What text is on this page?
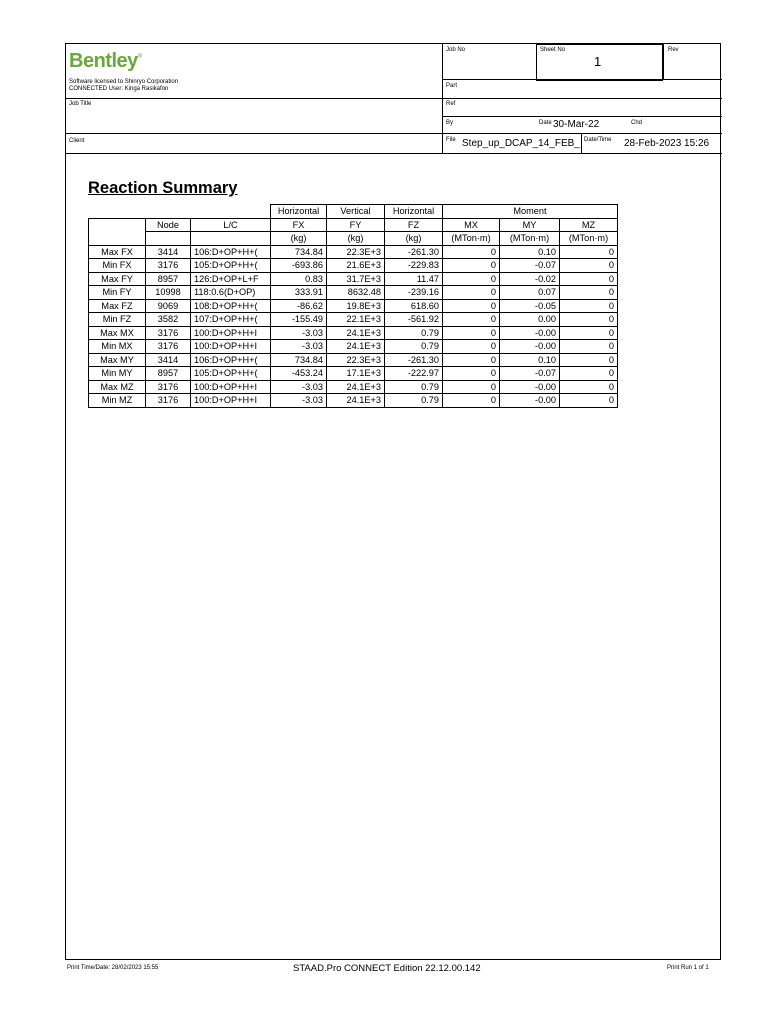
Bentley®
Software licensed to Shinryo Corporation
CONNECTED User: Kinga Rasikafon
Job No	Sheet No
1
Rev
Part
Job Title	Ref
By	Date 30-Mar-22	Chd
Client	File Step_up_DCAP_14_FEB_ Date/Time 28-Feb-2023 15:26
Reaction Summary
			Horizontal	Vertical	Horizontal	Moment		
	Node	L/C	FX	FY	FZ	MX	MY	MZ
			(kg)	(kg)	(kg)	(MTon·m)	(MTon·m)	(MTon·m)
Max FX	3414	106:D+OP+H+(	734.84	22.3E+3	-261.30	0	0.10	0
Min FX	3176	105:D+OP+H+(	-693.86	21.6E+3	-229.83	0	-0.07	0
Max FY	8957	126:D+OP+L+F	0.83	31.7E+3	11.47	0	-0.02	0
Min FY	10998	118:0.6(D+OP)	333.91	8632.48	-239.16	0	0.07	0
Max FZ	9069	108:D+OP+H+(	-86.62	19.8E+3	618.60	0	-0.05	0
Min FZ	3582	107:D+OP+H+(	-155.49	22.1E+3	-561.92	0	0.00	0
Max MX	3176	100:D+OP+H+I	-3.03	24.1E+3	0.79	0	-0.00	0
Min MX	3176	100:D+OP+H+I	-3.03	24.1E+3	0.79	0	-0.00	0
Max MY	3414	106:D+OP+H+(	734.84	22.3E+3	-261.30	0	0.10	0
Min MY	8957	105:D+OP+H+(	-453.24	17.1E+3	-222.97	0	-0.07	0
Max MZ	3176	100:D+OP+H+I	-3.03	24.1E+3	0.79	0	-0.00	0
Min MZ	3176	100:D+OP+H+I	-3.03	24.1E+3	0.79	0	-0.00	0
Print Time/Date: 28/02/2023 15:55	STAAD.Pro CONNECT Edition 22.12.00.142	Print Run 1 of 1
